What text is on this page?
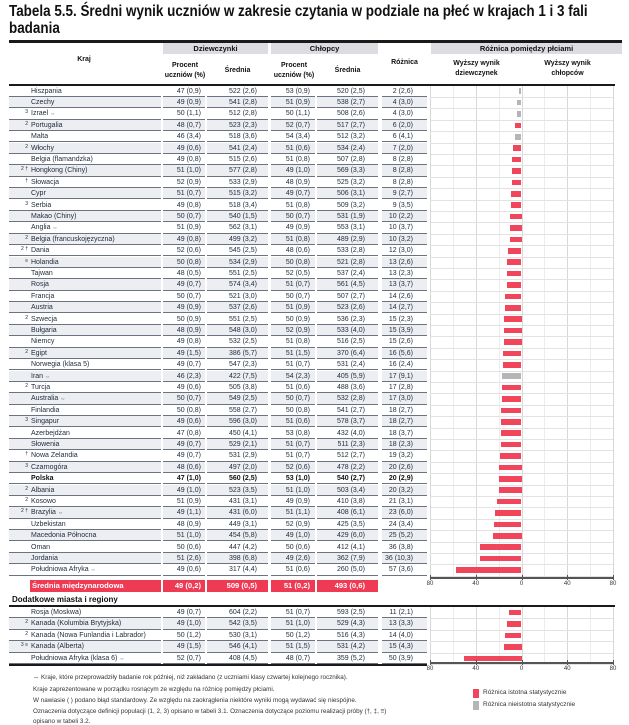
Tabela 5.5. Średni wynik uczniów w zakresie czytania w podziale na płeć w krajach 1 i 3 fali
badania
Kraj
Dziewczynki	Chłopcy	Różnica pomiędzy płciami
Procent
uczniów (%)
Średnia
Procent
uczniów (%)
Średnia
Różnica	Wyższy wynik
dziewczynek
Wyższy wynik
chłopców
Hiszpania	47 (0,9)	522 (2,6)	53 (0,9)	520 (2,5)	2 (2,6)
Czechy	49 (0,9)	541 (2,8)	51 (0,9)	538 (2,7)	4 (3,0)
3 Izrael ⇔	50 (1,1)	512 (2,8)	50 (1,1)	508 (2,6)	4 (3,0)
2 Portugalia	48 (0,7)	523 (2,3)	52 (0,7)	517 (2,7)	6 (2,0)
Malta	46 (3,4)	518 (3,6)	54 (3,4)	512 (3,2)	6 (4,1)
2 Włochy	49 (0,6)	541 (2,4)	51 (0,6)	534 (2,4)	7 (2,0)
Belgia (flamandzka)	49 (0,8)	515 (2,6)	51 (0,8)	507 (2,8)	8 (2,8)
2 † Hongkong (Chiny)	51 (1,0)	577 (2,8)	49 (1,0)	569 (3,3)	8 (2,8)
† Słowacja	52 (0,9)	533 (2,9)	48 (0,9)	525 (3,2)	8 (2,8)
Cypr	51 (0,7)	515 (3,2)	49 (0,7)	506 (3,1)	9 (2,7)
3 Serbia	49 (0,8)	518 (3,4)	51 (0,8)	509 (3,2)	9 (3,5)
Makao (Chiny)	50 (0,7)	540 (1,5)	50 (0,7)	531 (1,9)	10 (2,2)
Anglia ⇔	51 (0,9)	562 (3,1)	49 (0,9)	553 (3,1)	10 (3,7)
2 Belgia (francuskojęzyczna)	49 (0,8)	499 (3,2)	51 (0,8)	489 (2,9)	10 (3,2)
2 † Dania	52 (0,6)	545 (2,5)	48 (0,6)	533 (2,8)	12 (3,0)
≡ Holandia	50 (0,8)	534 (2,9)	50 (0,8)	521 (2,8)	13 (2,6)
Tajwan	48 (0,5)	551 (2,5)	52 (0,5)	537 (2,4)	13 (2,3)
Rosja	49 (0,7)	574 (3,4)	51 (0,7)	561 (4,5)	13 (3,7)
Francja	50 (0,7)	521 (3,0)	50 (0,7)	507 (2,7)	14 (2,6)
Austria	49 (0,9)	537 (2,6)	51 (0,9)	523 (2,6)	14 (2,7)
2 Szwecja	50 (0,9)	551 (2,5)	50 (0,9)	536 (2,3)	15 (2,3)
Bułgaria	48 (0,9)	548 (3,0)	52 (0,9)	533 (4,0)	15 (3,9)
Niemcy	49 (0,8)	532 (2,5)	51 (0,8)	516 (2,5)	15 (2,6)
2 Egipt	49 (1,5)	386 (5,7)	51 (1,5)	370 (6,4)	16 (5,6)
Norwegia (klasa 5)	49 (0,7)	547 (2,3)	51 (0,7)	531 (2,4)	16 (2,4)
Iran ⇔	46 (2,3)	422 (7,5)	54 (2,3)	405 (5,9)	17 (9,1)
2 Turcja	49 (0,6)	505 (3,8)	51 (0,6)	488 (3,6)	17 (2,8)
Australia ⇔	50 (0,7)	549 (2,5)	50 (0,7)	532 (2,8)	17 (3,0)
Finlandia	50 (0,8)	558 (2,7)	50 (0,8)	541 (2,7)	18 (2,7)
3 Singapur	49 (0,6)	596 (3,0)	51 (0,6)	578 (3,7)	18 (2,7)
Azerbejdżan	47 (0,8)	450 (4,1)	53 (0,8)	432 (4,0)	18 (3,7)
Słowenia	49 (0,7)	529 (2,1)	51 (0,7)	511 (2,3)	18 (2,3)
† Nowa Zelandia	49 (0,7)	531 (2,9)	51 (0,7)	512 (2,7)	19 (3,2)
3 Czarnogóra	48 (0,6)	497 (2,0)	52 (0,6)	478 (2,2)	20 (2,6)
Polska	47 (1,0)	560 (2,5)	53 (1,0)	540 (2,7)	20 (2,9)
2 Albania	49 (1,0)	523 (3,5)	51 (1,0)	503 (3,4)	20 (3,2)
2 Kosowo	51 (0,9)	431 (3,1)	49 (0,9)	410 (3,8)	21 (3,1)
2 † Brazylia ⇔	49 (1,1)	431 (6,0)	51 (1,1)	408 (6,1)	23 (6,0)
Uzbekistan	48 (0,9)	449 (3,1)	52 (0,9)	425 (3,5)	24 (3,4)
Macedonia Północna	51 (1,0)	454 (5,8)	49 (1,0)	429 (6,0)	25 (5,2)
Oman	50 (0,6)	447 (4,2)	50 (0,6)	412 (4,1)	36 (3,8)
Jordania	51 (2,6)	398 (6,8)	49 (2,6)	362 (7,9)	36 (10,3)
Południowa Afryka ⇔	49 (0,6)	317 (4,4)	51 (0,6)	260 (5,0)	57 (3,6)
Średnia międzynarodowa	49 (0,2)	509 (0,5)	51 (0,2)	493 (0,6)	80	40	0	40	80
Dodatkowe miasta i regiony
Rosja (Moskwa)	49 (0,7)	604 (2,2)	51 (0,7)	593 (2,5)	11 (2,1)
2 Kanada (Kolumbia Brytyjska)	49 (1,0)	542 (3,5)	51 (1,0)	529 (4,3)	13 (3,3)
2 Kanada (Nowa Funlandia i Labrador)	50 (1,2)	530 (3,1)	50 (1,2)	516 (4,3)	14 (4,0)
3 ≡ Kanada (Alberta)	49 (1,5)	546 (4,1)	51 (1,5)	531 (4,2)	15 (4,3)
Południowa Afryka (klasa 6) ⇔	52 (0,7)	408 (4,5)	48 (0,7)	359 (5,2)	50 (3,9)
80	40	0	40	80
⇔ Kraje, które przeprowadziły badanie rok później, niż zakładano (z uczniami klasy czwartej kolejnego rocznika).
Kraje zaprezentowane w porządku rosnącym ze względu na różnicę pomiędzy płciami.
W nawiasie ( ) podano błąd standardowy. Ze względu na zaokrąglenia niektóre wyniki mogą wydawać się niespójne.
Oznaczenia dotyczące definicji populacji (1, 2, 3) opisano w tabeli 3.1. Oznaczenia dotyczące poziomu realizacji próby (†, ‡, ≡)
opisano w tabeli 3.2.
Różnica istotna statystycznie
Różnica nieistotna statystycznie
